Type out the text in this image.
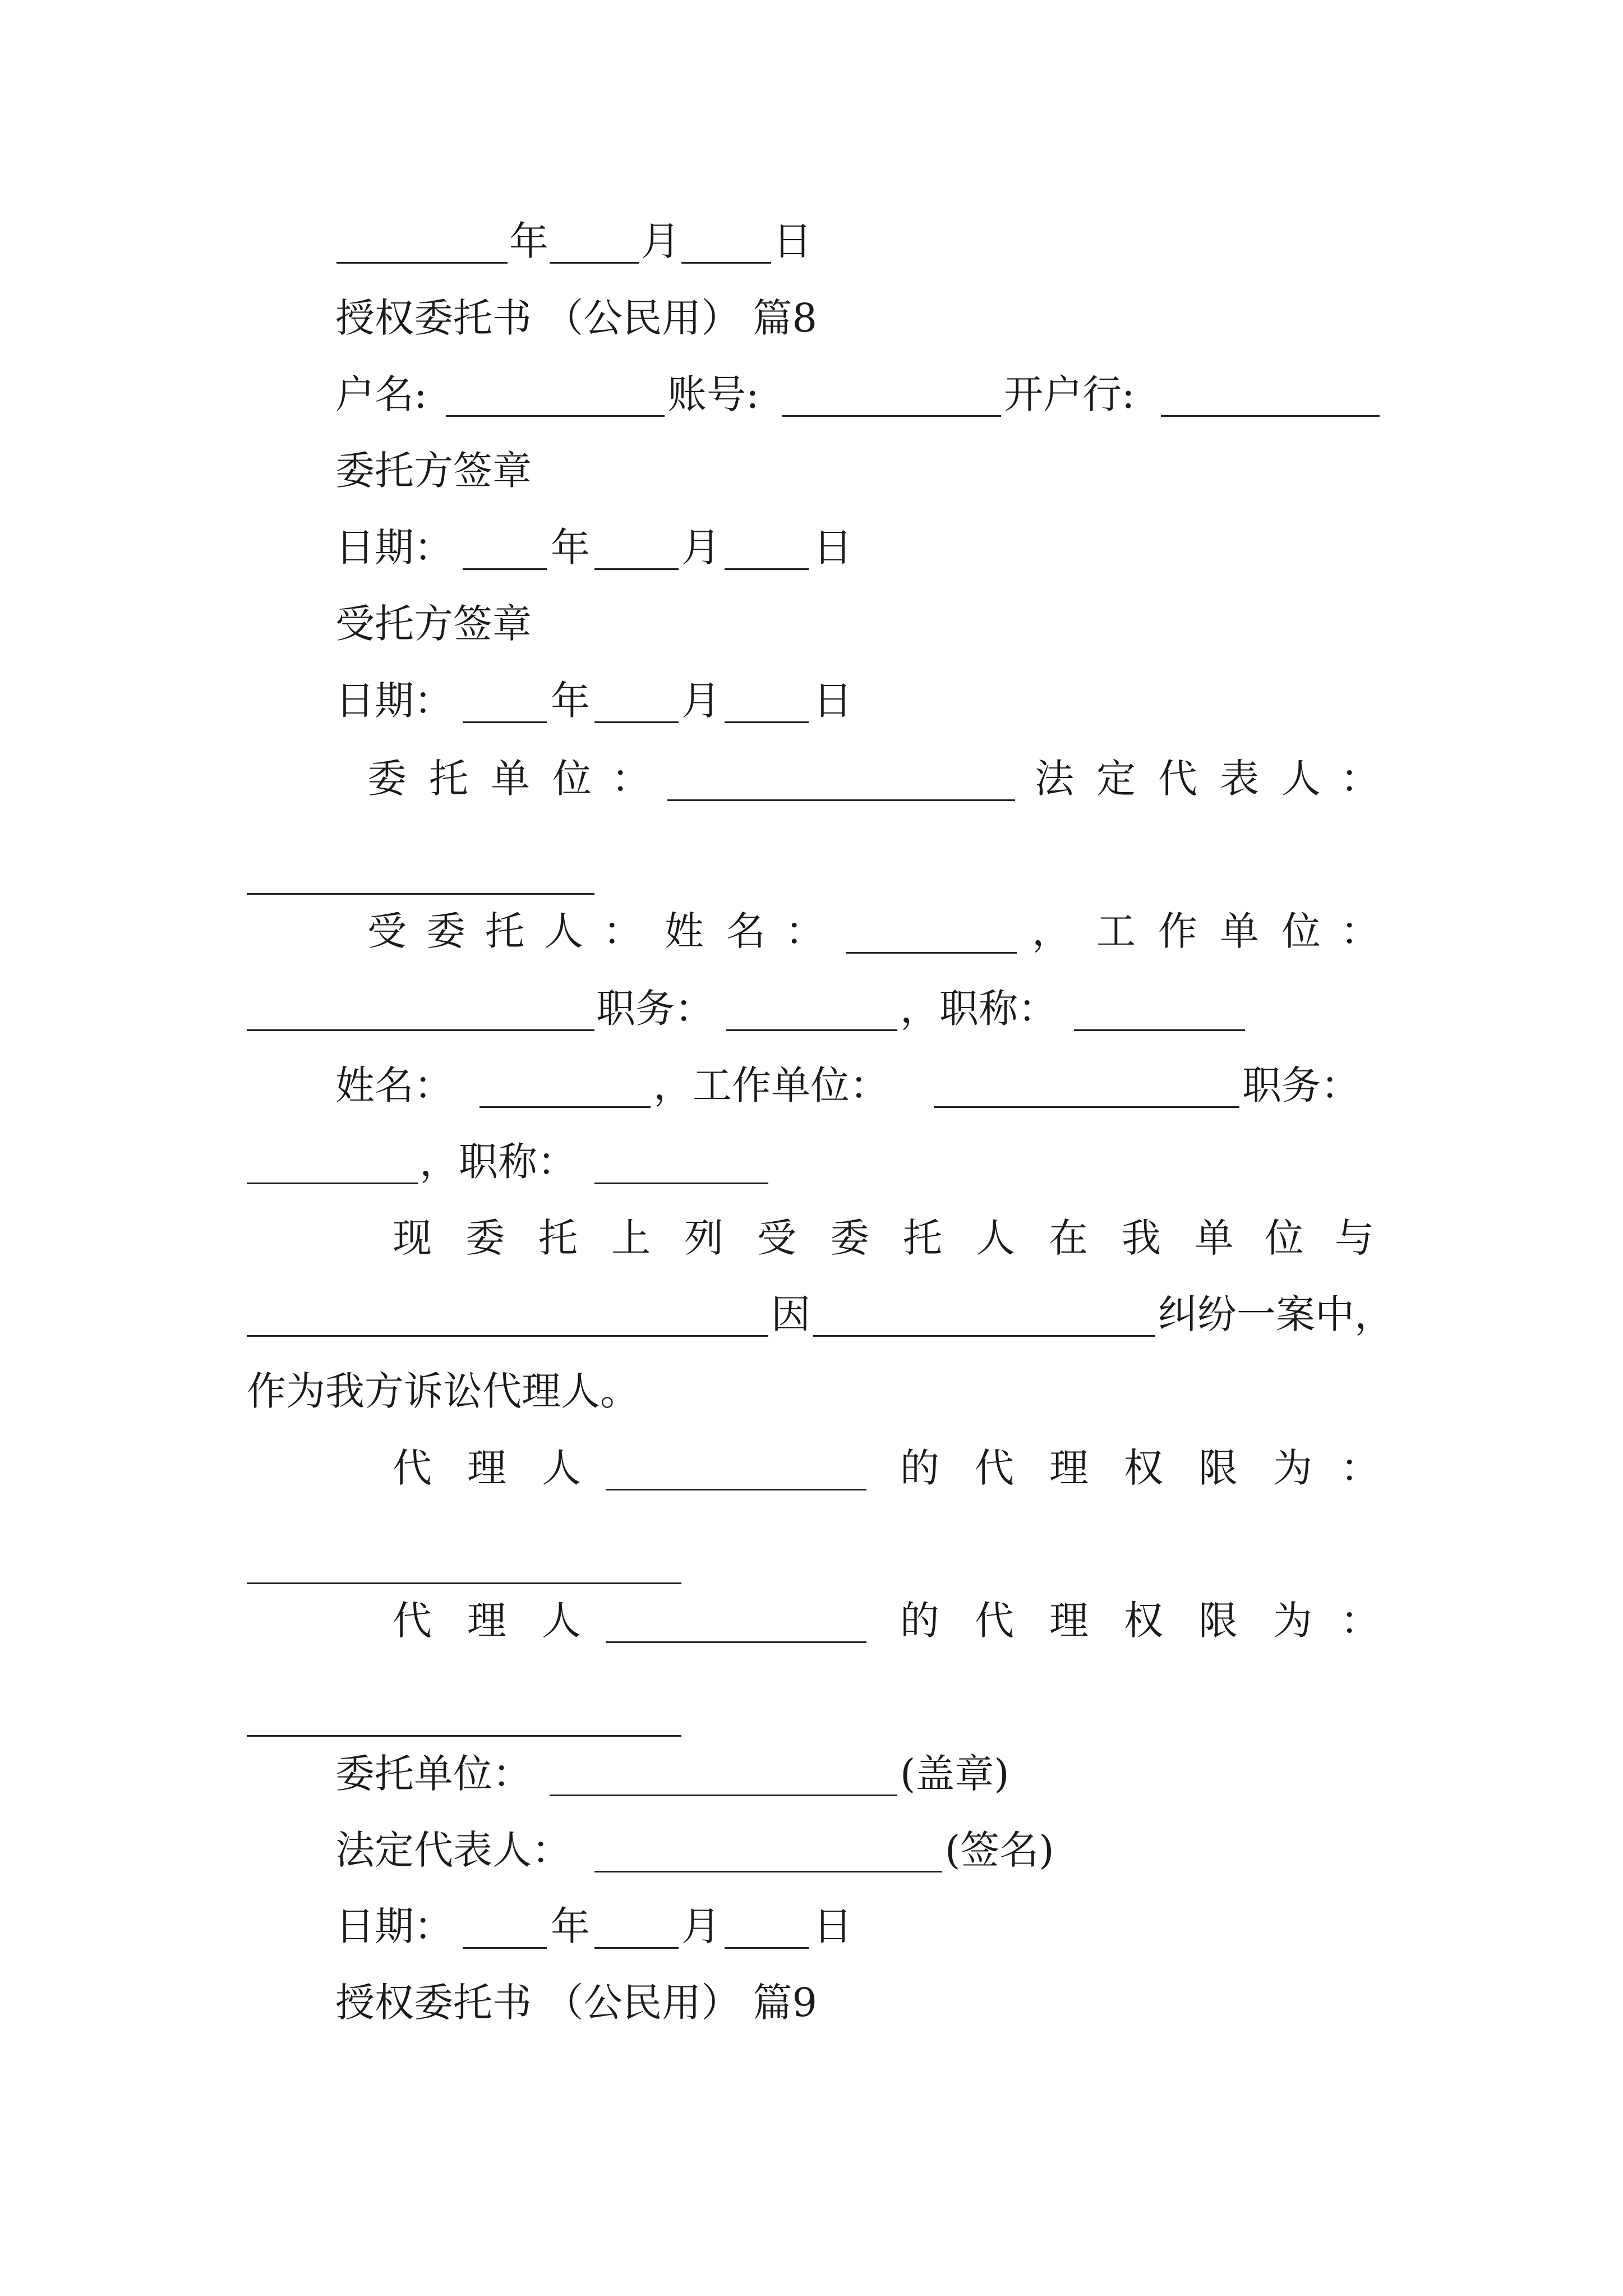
年 月 日
授权委托书 （公民用） 篇8
户名:	账号:	开户行:
委托方签章
日期： 年 月 日
受托方签章
日期： 年 月 日
委 托 单 位 ：	法 定 代 表 人 ：
受 委 托 人 ： 姓 名 ：	， 工 作 单 位 ：
职务：	，职称：
姓名：	，工作单位：	职务：
，职称：
现 委 托 上 列 受 委 托 人 在 我 单 位 与
因	纠纷一案中，
作为我方诉讼代理人。
代 理 人	的 代 理 权 限 为 ：
代 理 人	的 代 理 权 限 为 ：
委托单位：	(盖章)
法定代表人：	(签名)
日期： 年 月 日
授权委托书 （公民用） 篇9
